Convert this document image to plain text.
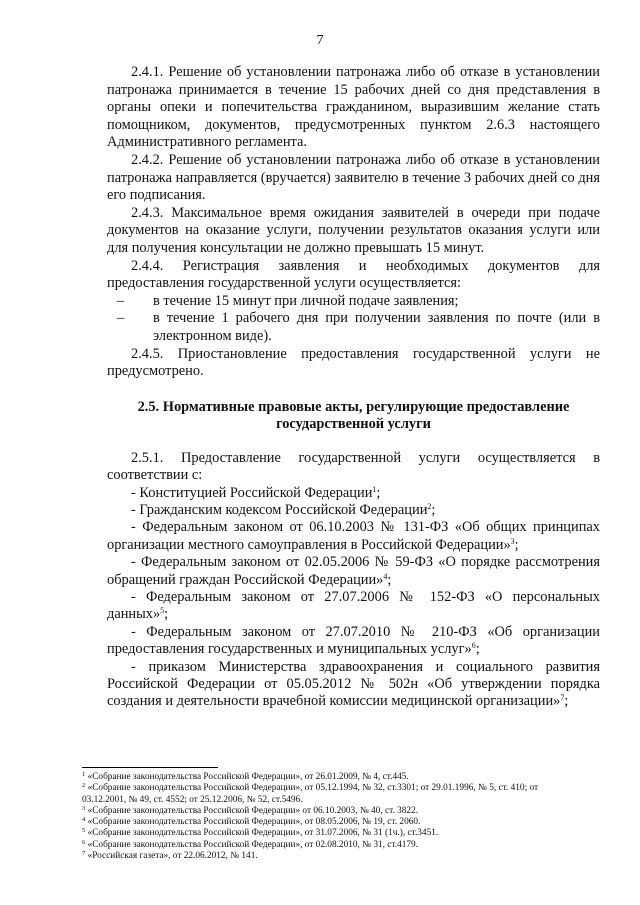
7

2.4.1. Решение об установлении патронажа либо об отказе в установлении патронажа принимается в течение 15 рабочих дней со дня представления в органы опеки и попечительства гражданином, выразившим желание стать помощником, документов, предусмотренных пунктом 2.6.3 настоящего Административного регламента.

2.4.2. Решение об установлении патронажа либо об отказе в установлении патронажа направляется (вручается) заявителю в течение 3 рабочих дней со дня его подписания.

2.4.3. Максимальное время ожидания заявителей в очереди при подаче документов на оказание услуги, получении результатов оказания услуги или для получения консультации не должно превышать 15 минут.

2.4.4. Регистрация заявления и необходимых документов для предоставления государственной услуги осуществляется:

– в течение 15 минут при личной подаче заявления;

– в течение 1 рабочего дня при получении заявления по почте (или в электронном виде).

2.4.5. Приостановление предоставления государственной услуги не предусмотрено.

2.5. Нормативные правовые акты, регулирующие предоставление государственной услуги

2.5.1. Предоставление государственной услуги осуществляется в соответствии с:

- Конституцией Российской Федерации$^1$;

- Гражданским кодексом Российской Федерации$^2$;

- Федеральным законом от 06.10.2003 № 131-ФЗ «Об общих принципах организации местного самоуправления в Российской Федерации»$^3$;

- Федеральным законом от 02.05.2006 № 59-ФЗ «О порядке рассмотрения обращений граждан Российской Федерации»$^4$;

- Федеральным законом от 27.07.2006 № 152-ФЗ «О персональных данных»$^5$;

- Федеральным законом от 27.07.2010 № 210-ФЗ «Об организации предоставления государственных и муниципальных услуг»$^6$;

- приказом Министерства здравоохранения и социального развития Российской Федерации от 05.05.2012 № 502н «Об утверждении порядка создания и деятельности врачебной комиссии медицинской организации»$^7$;

$^1$ «Собрание законодательства Российской Федерации», от 26.01.2009, № 4, ст.445.
$^2$ «Собрание законодательства Российской Федерации», от 05.12.1994, № 32, ст.3301; от 29.01.1996, № 5, ст. 410; от 03.12.2001, № 49, ст. 4552; от 25.12.2006, № 52, ст.5496.
$^3$ «Собрание законодательства Российской Федерации» от 06.10.2003, № 40, ст. 3822.
$^4$ «Собрание законодательства Российской Федерации», от 08.05.2006, № 19, ст. 2060.
$^5$ «Собрание законодательства Российской Федерации», от 31.07.2006, № 31 (1ч.), ст.3451.
$^6$ «Собрание законодательства Российской Федерации», от 02.08.2010, № 31, ст.4179.
$^7$ «Российская газета», от 22.06.2012, № 141.
